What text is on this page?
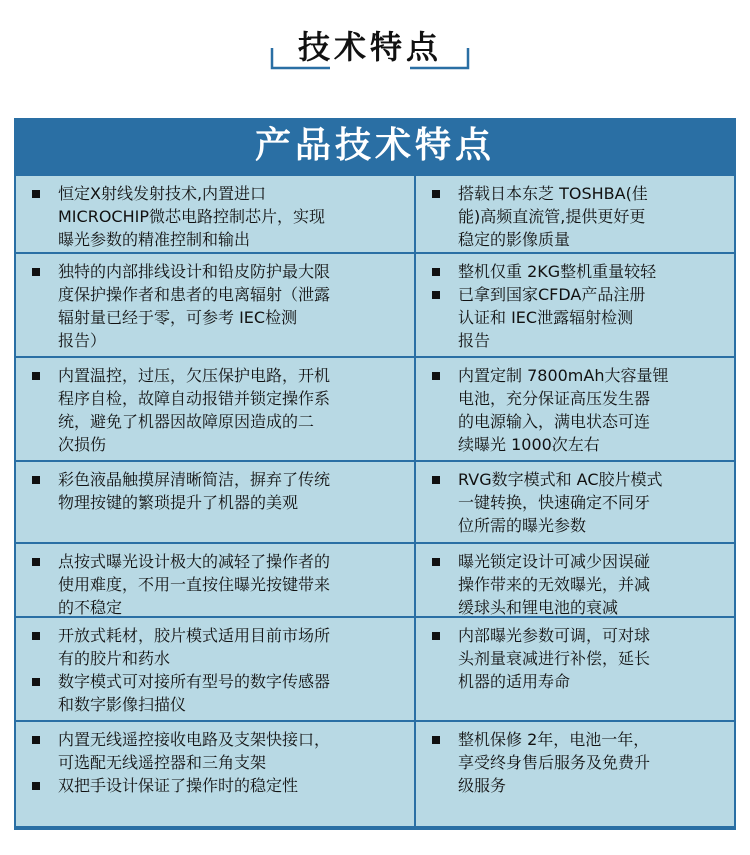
技术特点
产品技术特点
恒定X射线发射技术,内置进口
MICROCHIP微芯电路控制芯片，实现
曝光参数的精准控制和输出
搭载日本东芝 TOSHBA(佳
能)高频直流管,提供更好更
稳定的影像质量
独特的内部排线设计和铅皮防护最大限
度保护操作者和患者的电离辐射（泄露
辐射量已经于零，可参考 IEC检测
报告）
整机仅重 2KG整机重量较轻
已拿到国家CFDA产品注册
认证和 IEC泄露辐射检测
报告
内置温控，过压，欠压保护电路，开机
程序自检，故障自动报错并锁定操作系
统，避免了机器因故障原因造成的二
次损伤
内置定制 7800mAh大容量锂
电池，充分保证高压发生器
的电源输入，满电状态可连
续曝光 1000次左右
彩色液晶触摸屏清晰简洁，摒弃了传统
物理按键的繁琐提升了机器的美观
RVG数字模式和 AC胶片模式
一键转换，快速确定不同牙
位所需的曝光参数
点按式曝光设计极大的减轻了操作者的
使用难度，不用一直按住曝光按键带来
的不稳定
曝光锁定设计可减少因误碰
操作带来的无效曝光，并减
缓球头和锂电池的衰减
开放式耗材，胶片模式适用目前市场所
有的胶片和药水
数字模式可对接所有型号的数字传感器
和数字影像扫描仪
内部曝光参数可调，可对球
头剂量衰减进行补偿，延长
机器的适用寿命
内置无线遥控接收电路及支架快接口，
可选配无线遥控器和三角支架
双把手设计保证了操作时的稳定性
整机保修 2年，电池一年，
享受终身售后服务及免费升
级服务
